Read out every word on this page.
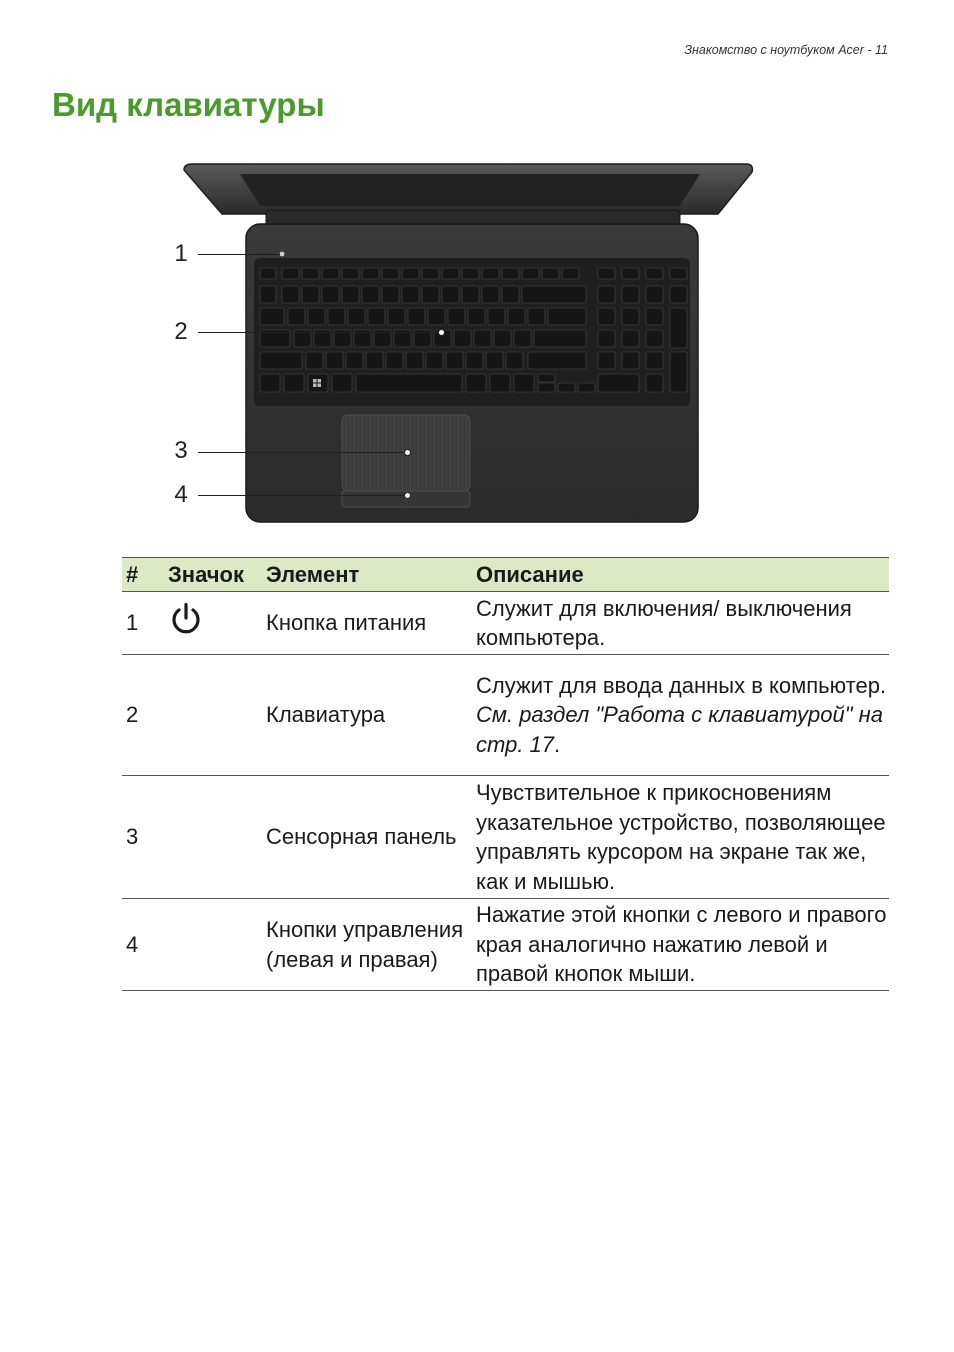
Знакомство с ноутбуком Acer - 11
Вид клавиатуры
1
2
3
4
#	Значок	Элемент	Описание
1		Кнопка питания	Служит для включения/ выключения компьютера.
2		Клавиатура	Служит для ввода данных в компьютер.
См. раздел "Работа с клавиатурой" на стр. 17.

3		Сенсорная панель	Чувствительное к прикосновениям указательное устройство, позволяющее управлять курсором на экране так же, как и мышью.
4		Кнопки управления (левая и правая)	Нажатие этой кнопки с левого и правого края аналогично нажатию левой и правой кнопок мыши.
